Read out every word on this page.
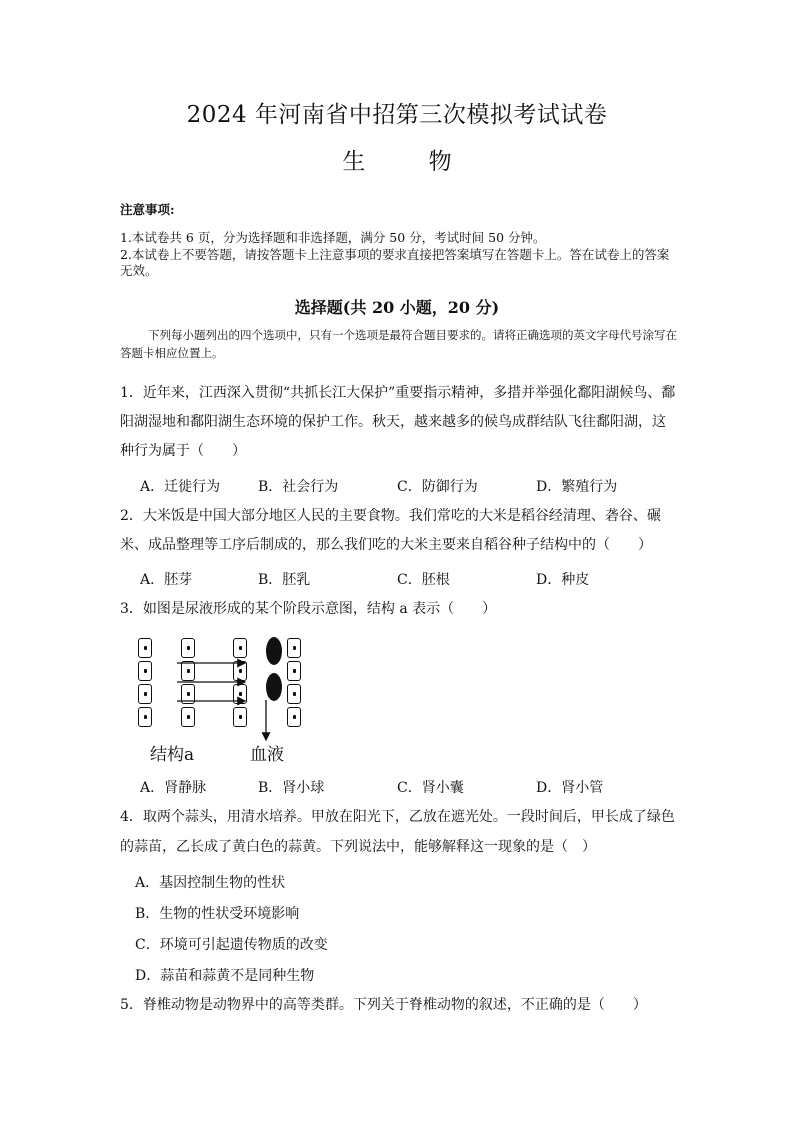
2024 年河南省中招第三次模拟考试试卷
生 物
注意事项:
1.本试卷共 6 页，分为选择题和非选择题，满分 50 分，考试时间 50 分钟。
2.本试卷上不要答题，请按答题卡上注意事项的要求直接把答案填写在答题卡上。答在试卷上的答案无效。
选择题(共 20 小题，20 分)
下列每小题列出的四个选项中，只有一个选项是最符合题目要求的。请将正确选项的英文字母代号涂写在答题卡相应位置上。
1．近年来，江西深入贯彻“共抓长江大保护”重要指示精神，多措并举强化鄱阳湖候鸟、鄱
阳湖湿地和鄱阳湖生态环境的保护工作。秋天，越来越多的候鸟成群结队飞往鄱阳湖，这
种行为属于（　　）
A．迁徙行为	B．社会行为	C．防御行为	D．繁殖行为
2．大米饭是中国大部分地区人民的主要食物。我们常吃的大米是稻谷经清理、砻谷、碾
米、成品整理等工序后制成的，那么我们吃的大米主要来自稻谷种子结构中的（　　）
A．胚芽	B．胚乳	C．胚根	D．种皮
3．如图是尿液形成的某个阶段示意图，结构 a 表示（　　）
结构a	血液
A．肾静脉	B．肾小球	C．肾小囊	D．肾小管
4．取两个蒜头，用清水培养。甲放在阳光下，乙放在遮光处。一段时间后，甲长成了绿色
的蒜苗，乙长成了黄白色的蒜黄。下列说法中，能够解释这一现象的是（　）
A．基因控制生物的性状
B．生物的性状受环境影响
C．环境可引起遗传物质的改变
D．蒜苗和蒜黄不是同种生物
5．脊椎动物是动物界中的高等类群。下列关于脊椎动物的叙述，不正确的是（　　）
